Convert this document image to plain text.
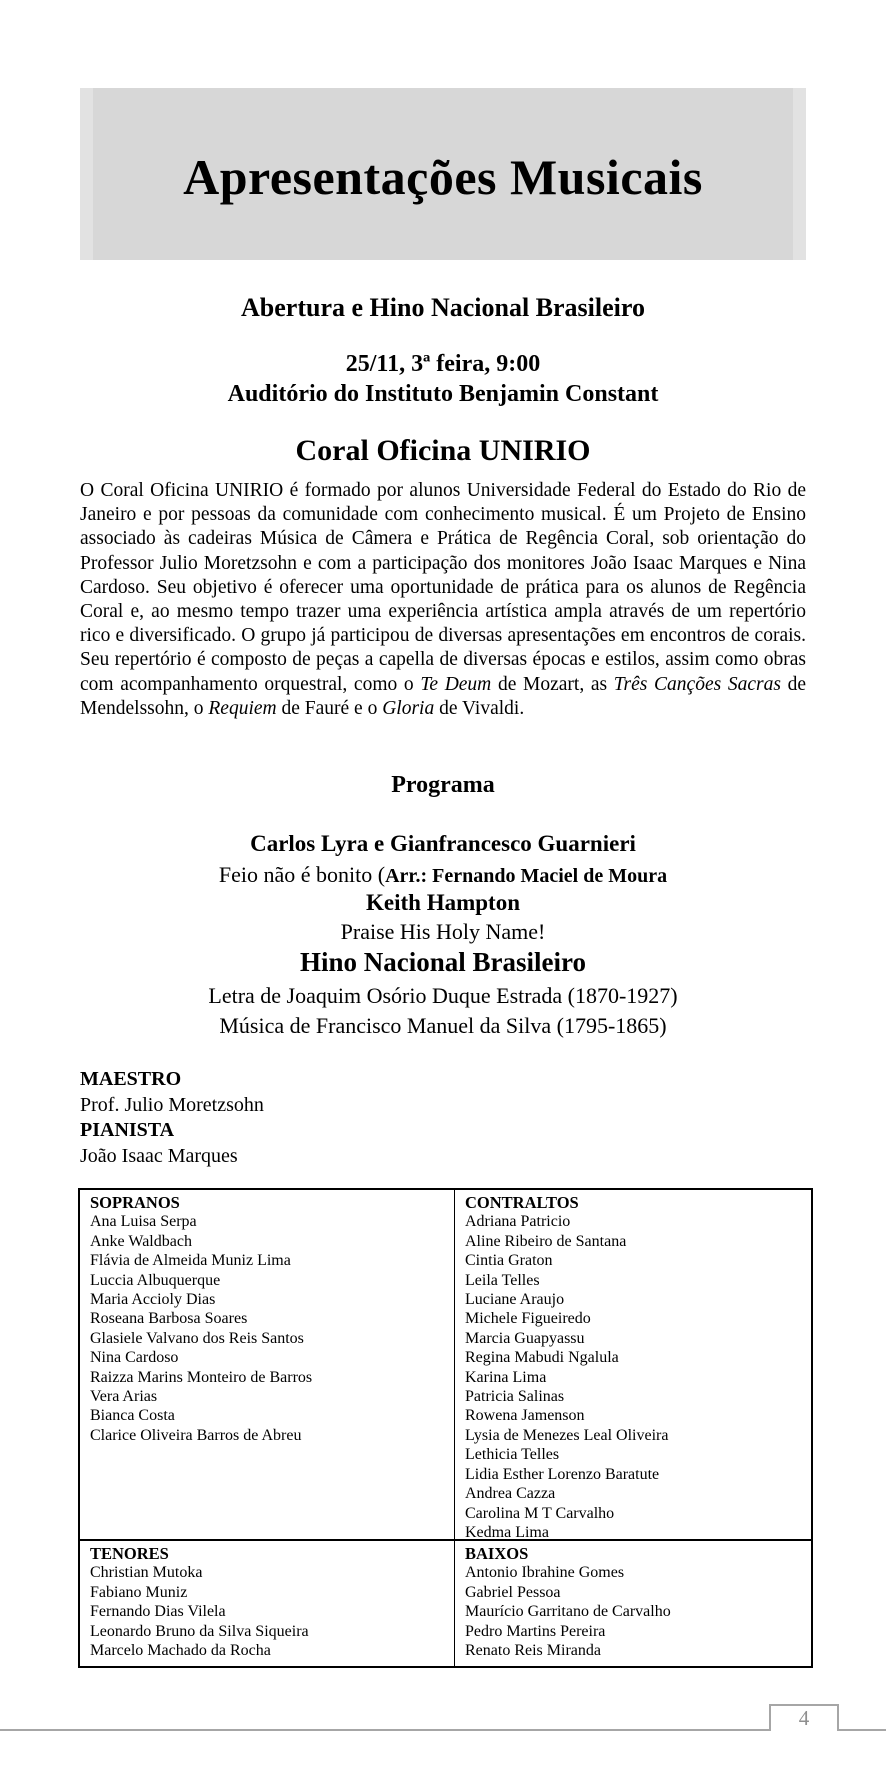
Apresentações Musicais
Abertura e Hino Nacional Brasileiro
25/11, 3ª feira, 9:00
Auditório do Instituto Benjamin Constant
Coral Oficina UNIRIO
O Coral Oficina UNIRIO é formado por alunos Universidade Federal do Estado do Rio de Janeiro e por pessoas da comunidade com conhecimento musical. É um Projeto de Ensino associado às cadeiras Música de Câmera e Prática de Regência Coral, sob orientação do Professor Julio Moretzsohn e com a participação dos monitores João Isaac Marques e Nina Cardoso. Seu objetivo é oferecer uma oportunidade de prática para os alunos de Regência Coral e, ao mesmo tempo trazer uma experiência artística ampla através de um repertório rico e diversificado. O grupo já participou de diversas apresentações em encontros de corais. Seu repertório é composto de peças a capella de diversas épocas e estilos, assim como obras com acompanhamento orquestral, como o Te Deum de Mozart, as Três Canções Sacras de Mendelssohn, o Requiem de Fauré e o Gloria de Vivaldi.
Programa
Carlos Lyra e Gianfrancesco Guarnieri
Feio não é bonito (Arr.: Fernando Maciel de Moura
Keith Hampton
Praise His Holy Name!
Hino Nacional Brasileiro
Letra de Joaquim Osório Duque Estrada (1870-1927)
Música de Francisco Manuel da Silva (1795-1865)
MAESTRO
Prof. Julio Moretzsohn
PIANISTA
João Isaac Marques
SOPRANOS
Ana Luisa Serpa
Anke Waldbach
Flávia de Almeida Muniz Lima
Luccia Albuquerque
Maria Accioly Dias
Roseana Barbosa Soares
Glasiele Valvano dos Reis Santos
Nina Cardoso
Raizza Marins Monteiro de Barros
Vera Arias
Bianca Costa
Clarice Oliveira Barros de Abreu
CONTRALTOS
Adriana Patricio
Aline Ribeiro de Santana
Cintia Graton
Leila Telles
Luciane Araujo
Michele Figueiredo
Marcia Guapyassu
Regina Mabudi Ngalula
Karina Lima
Patricia Salinas
Rowena Jamenson
Lysia de Menezes Leal Oliveira
Lethicia Telles
Lidia Esther Lorenzo Baratute
Andrea Cazza
Carolina M T Carvalho
Kedma Lima
TENORES
Christian Mutoka
Fabiano Muniz
Fernando Dias Vilela
Leonardo Bruno da Silva Siqueira
Marcelo Machado da Rocha
BAIXOS
Antonio Ibrahine Gomes
Gabriel Pessoa
Maurício Garritano de Carvalho
Pedro Martins Pereira
Renato Reis Miranda
4
